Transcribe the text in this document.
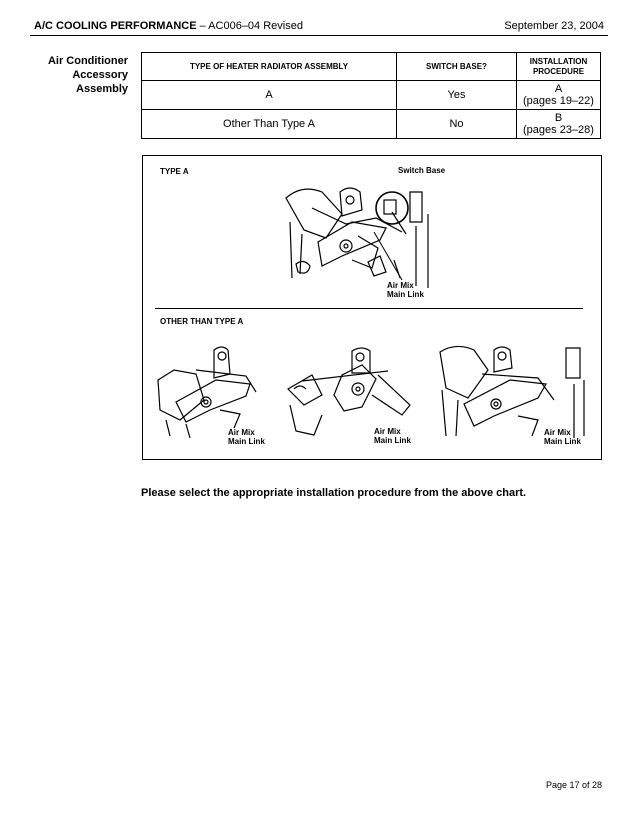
A/C COOLING PERFORMANCE – AC006–04 Revised	September 23, 2004
Air Conditioner
Accessory
Assembly
TYPE OF HEATER RADIATOR ASSEMBLY	SWITCH BASE?	INSTALLATION PROCEDURE
A	Yes	A
(pages 19–22)

Other Than Type A	No	B
(pages 23–28)
TYPE A	Switch Base
Air Mix
Main Link
OTHER THAN TYPE A
Air Mix
Main Link
Air Mix
Main Link
Air Mix
Main Link
Please select the appropriate installation procedure from the above chart.
Page 17 of 28
